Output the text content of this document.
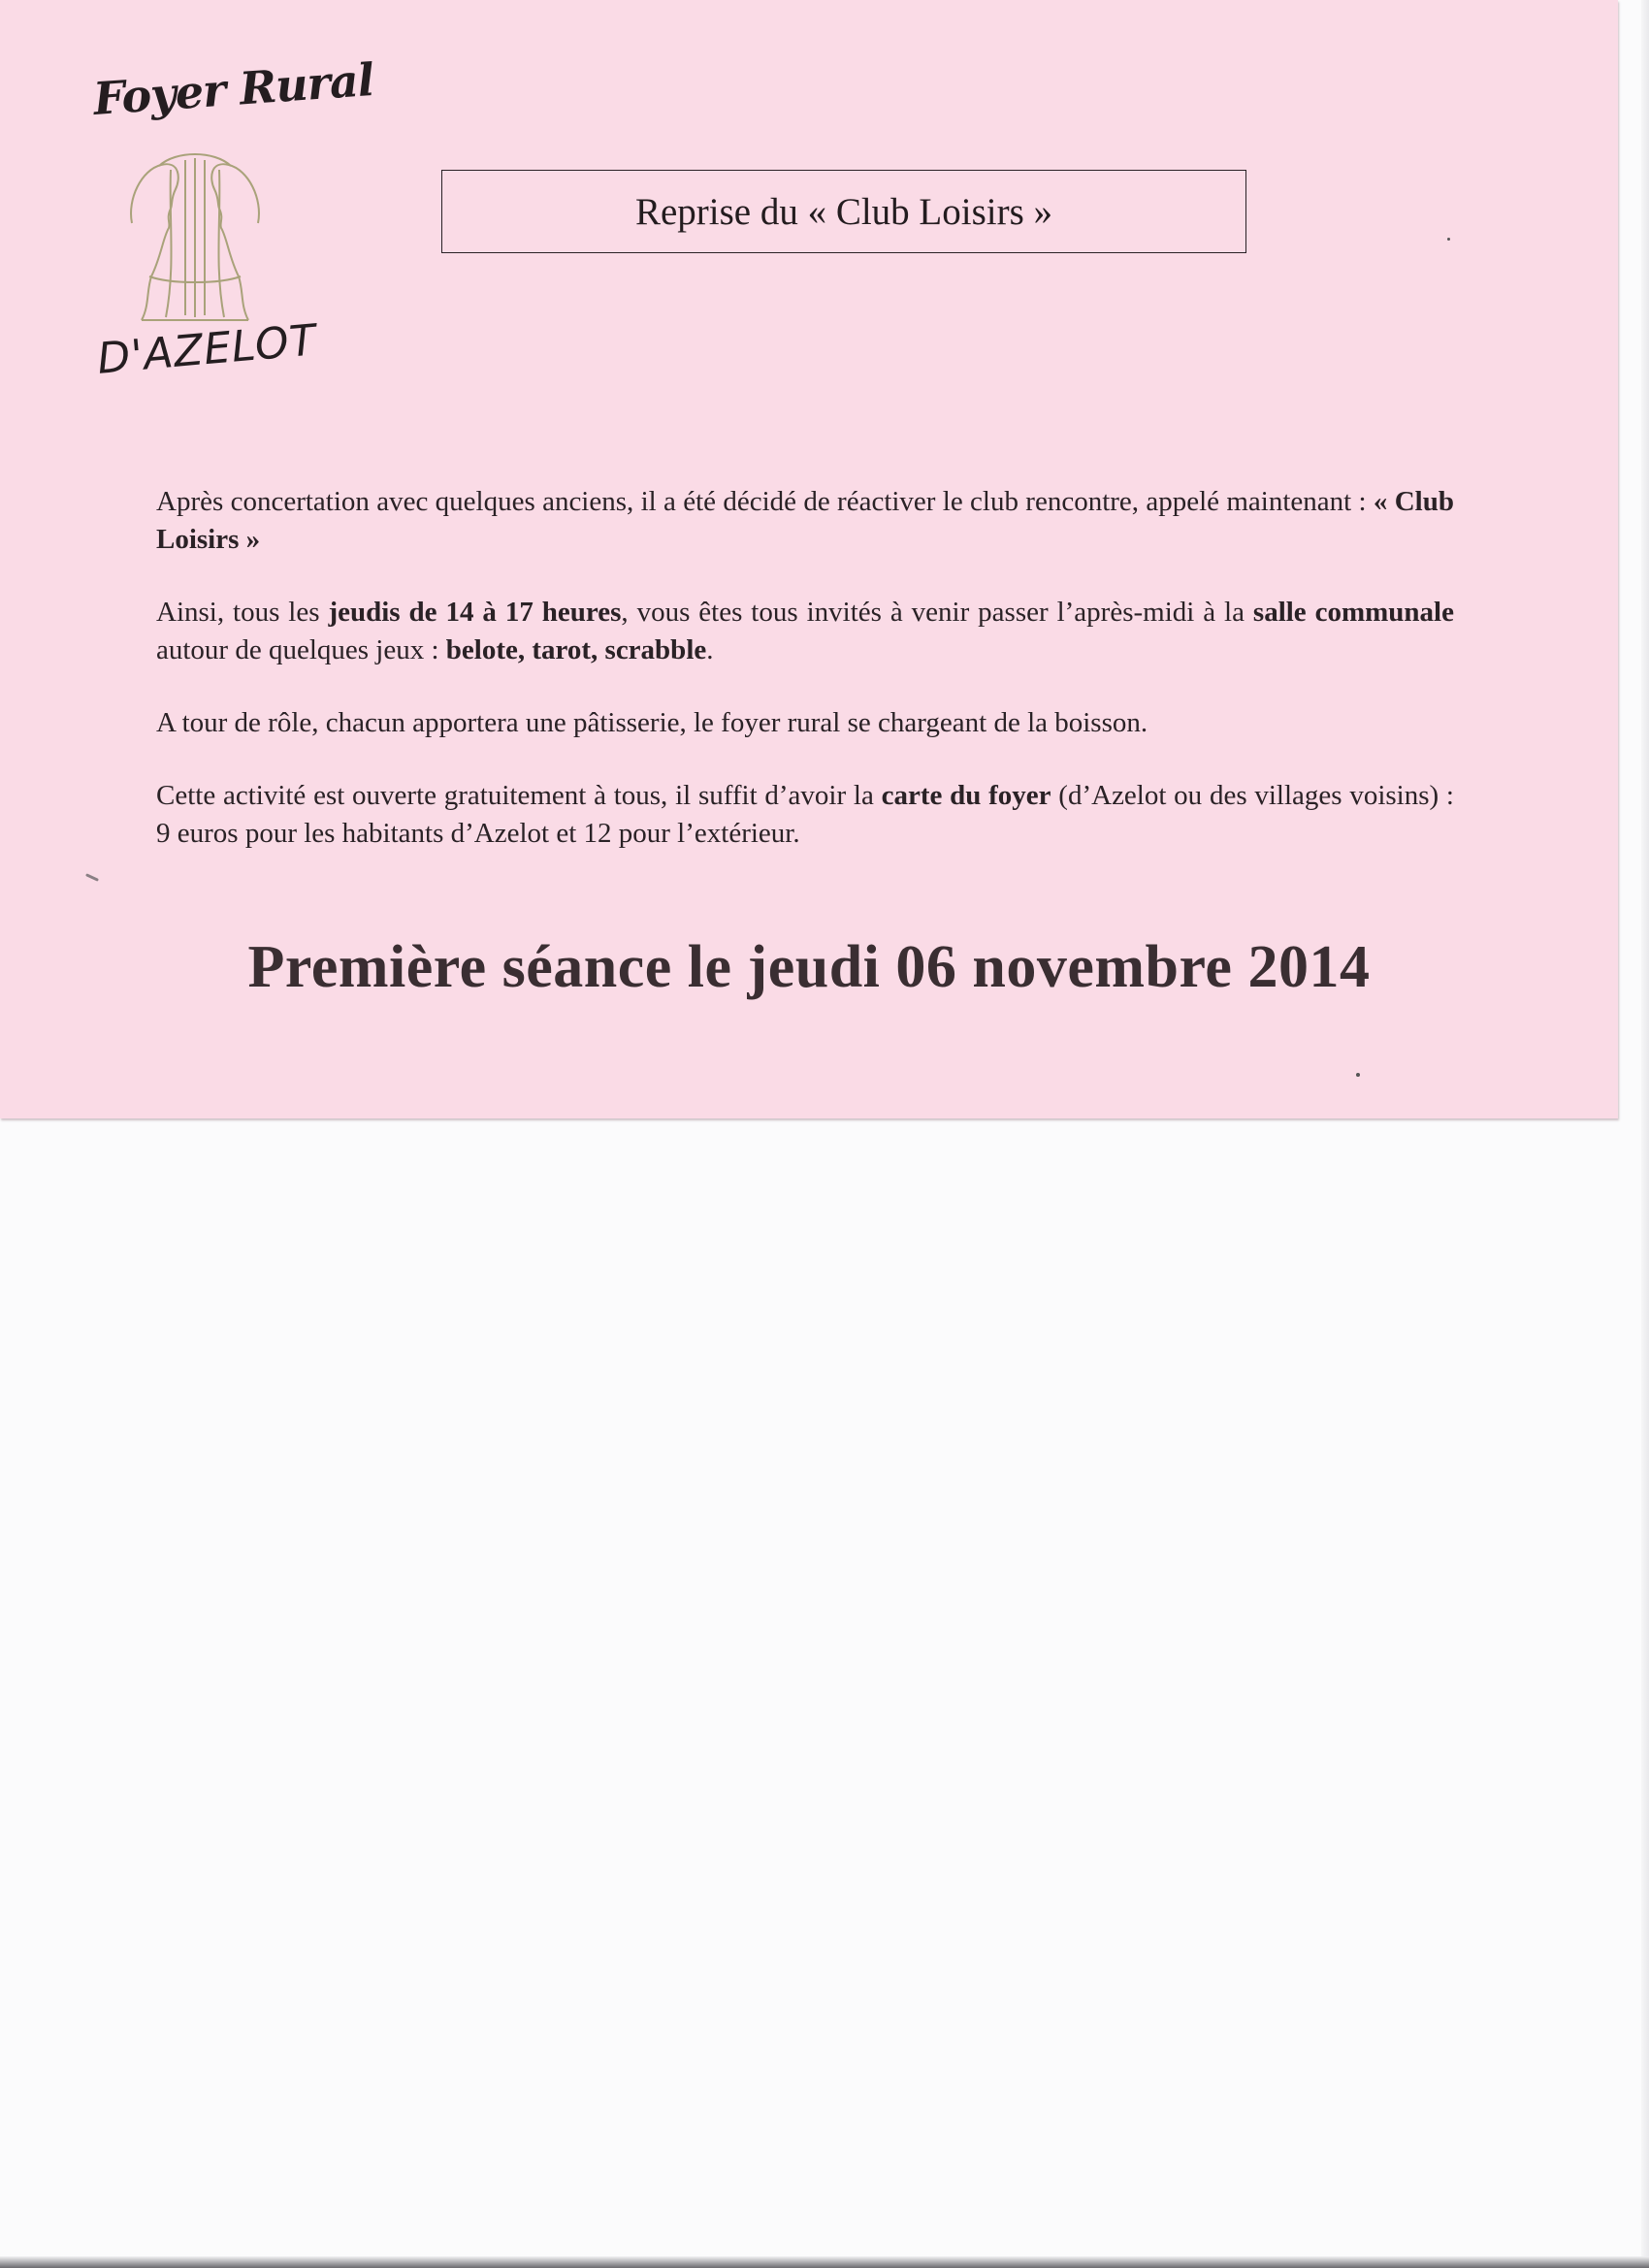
Foyer Rural
D'AZELOT
Reprise du « Club Loisirs »

Après concertation avec quelques anciens, il a été décidé de réactiver le club rencontre, appelé maintenant : « Club Loisirs »

Ainsi, tous les jeudis de 14 à 17 heures, vous êtes tous invités à venir passer l’après-midi à la salle communale autour de quelques jeux : belote, tarot, scrabble.

A tour de rôle, chacun apportera une pâtisserie, le foyer rural se chargeant de la boisson.

Cette activité est ouverte gratuitement à tous, il suffit d’avoir la carte du foyer (d’Azelot ou des villages voisins) : 9 euros pour les habitants d’Azelot et 12 pour l’extérieur.

Première séance le jeudi 06 novembre 2014
